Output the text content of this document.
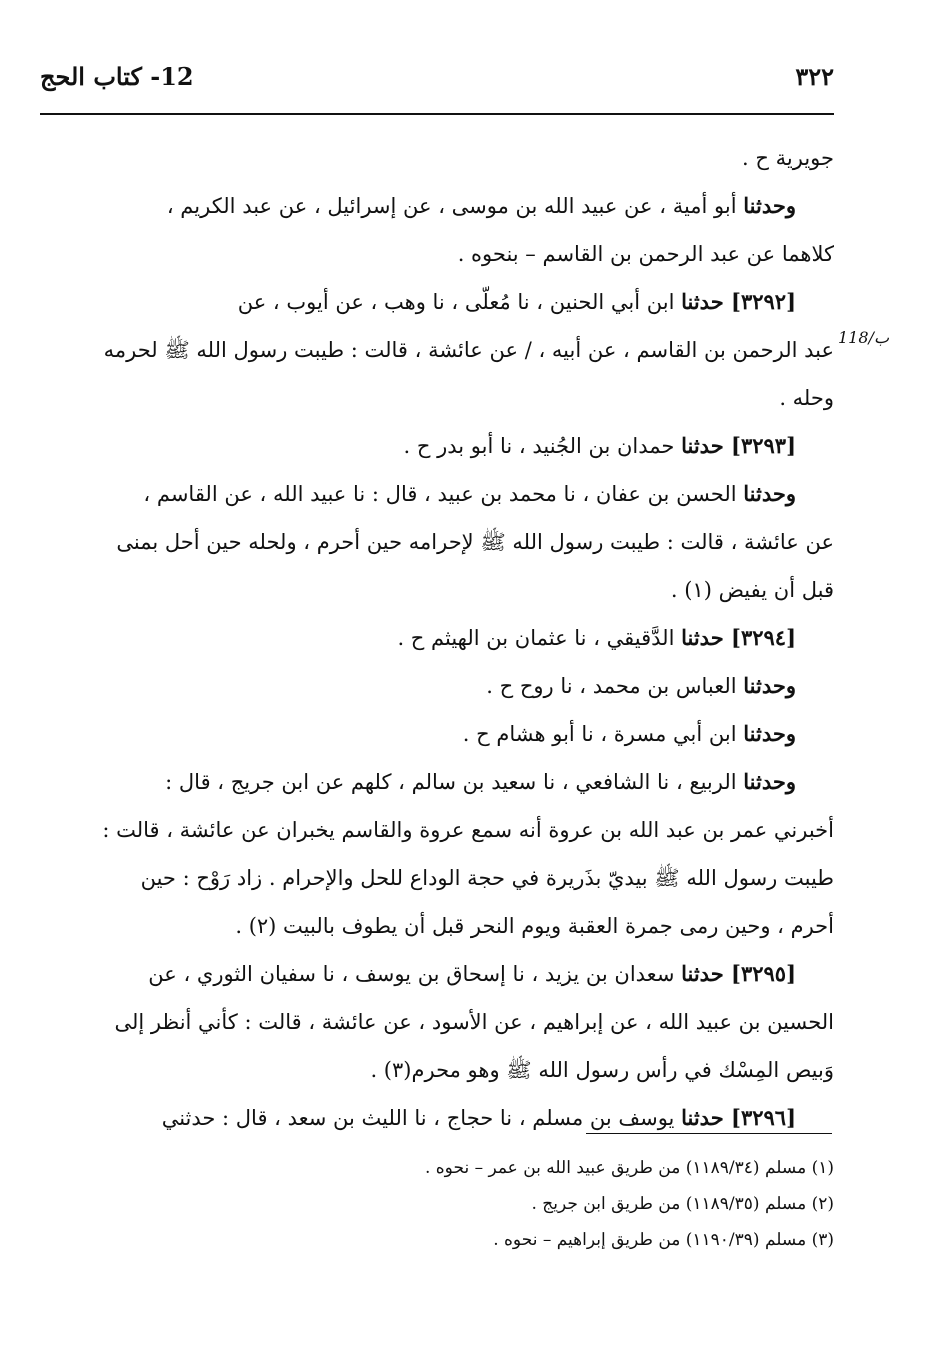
٣٢٢
12- كتاب الحج
118/ب
جويرية ح .
وحدثنا أبو أمية ، عن عبيد الله بن موسى ، عن إسرائيل ، عن عبد الكريم ،
كلاهما عن عبد الرحمن بن القاسم – بنحوه .
[٣٢٩٢] حدثنا ابن أبي الحنين ، نا مُعلّى ، نا وهب ، عن أيوب ، عن
عبد الرحمن بن القاسم ، عن أبيه ، / عن عائشة ، قالت : طيبت رسول الله ﷺ لحرمه
وحله .
[٣٢٩٣] حدثنا حمدان بن الجُنيد ، نا أبو بدر ح .
وحدثنا الحسن بن عفان ، نا محمد بن عبيد ، قال : نا عبيد الله ، عن القاسم ،
عن عائشة ، قالت : طيبت رسول الله ﷺ لإحرامه حين أحرم ، ولحله حين أحل بمنى
قبل أن يفيض (١) .
[٣٢٩٤] حدثنا الدَّقيقي ، نا عثمان بن الهيثم ح .
وحدثنا العباس بن محمد ، نا روح ح .
وحدثنا ابن أبي مسرة ، نا أبو هشام ح .
وحدثنا الربيع ، نا الشافعي ، نا سعيد بن سالم ، كلهم عن ابن جريج ، قال :
أخبرني عمر بن عبد الله بن عروة أنه سمع عروة والقاسم يخبران عن عائشة ، قالت :
طيبت رسول الله ﷺ بيديّ بذَريرة في حجة الوداع للحل والإحرام . زاد رَوْح : حين
أحرم ، وحين رمى جمرة العقبة ويوم النحر قبل أن يطوف بالبيت (٢) .
[٣٢٩٥] حدثنا سعدان بن يزيد ، نا إسحاق بن يوسف ، نا سفيان الثوري ، عن
الحسين بن عبيد الله ، عن إبراهيم ، عن الأسود ، عن عائشة ، قالت : كأني أنظر إلى
وَبيص المِسْك في رأس رسول الله ﷺ وهو محرم(٣) .
[٣٢٩٦] حدثنا يوسف بن مسلم ، نا حجاج ، نا الليث بن سعد ، قال : حدثني
(١) مسلم (١١٨٩/٣٤) من طريق عبيد الله بن عمر – نحوه .
(٢) مسلم (١١٨٩/٣٥) من طريق ابن جريج .
(٣) مسلم (١١٩٠/٣٩) من طريق إبراهيم – نحوه .
